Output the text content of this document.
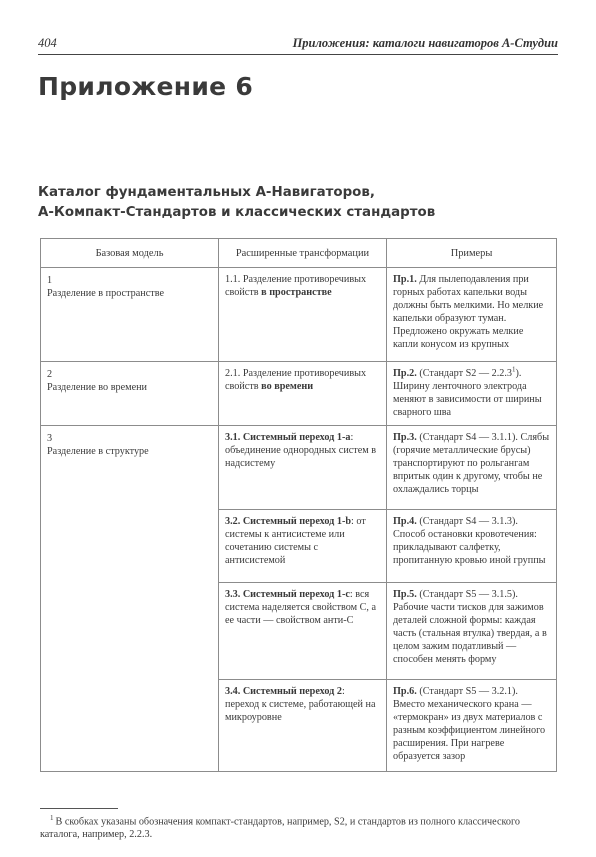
404	Приложения: каталоги навигаторов А-Студии
Приложение 6
Каталог фундаментальных А-Навигаторов,
А-Компакт-Стандартов и классических стандартов
Базовая модель	Расширенные трансформации	Примеры

1
Разделение в пространстве	1.1. Разделение противоречивых свойств в пространстве	Пр.1. Для пылеподавления при горных работах капельки воды должны быть мелкими. Но мелкие капельки образуют туман. Предложено окружать мелкие капли конусом из крупных

2
Разделение во времени	2.1. Разделение противоречивых свойств во времени	Пр.2. (Стандарт S2 — 2.2.3$^1$). Ширину ленточного электрода меняют в зависимости от ширины сварного шва

3
Разделение в структуре	3.1. Системный переход 1-а: объединение однородных систем в надсистему	Пр.3. (Стандарт S4 — 3.1.1). Слябы (горячие металлические брусы) транспортируют по рольгангам впритык один к другому, чтобы не охлаждались торцы
	3.2. Системный переход 1-b: от системы к антисистеме или сочетанию системы с антисистемой	Пр.4. (Стандарт S4 — 3.1.3). Способ остановки кровотечения: прикладывают салфетку, пропитанную кровью иной группы
	3.3. Системный переход 1-с: вся система наделяется свойством С, а ее части — свойством анти-С	Пр.5. (Стандарт S5 — 3.1.5). Рабочие части тисков для зажимов деталей сложной формы: каждая часть (стальная втулка) твердая, а в целом зажим податливый — способен менять форму
	3.4. Системный переход 2: переход к системе, работающей на микроуровне	Пр.6. (Стандарт S5 — 3.2.1). Вместо механического крана — «термокран» из двух материалов с разным коэффициентом линейного расширения. При нагреве образуется зазор
$^1$ В скобках указаны обозначения компакт-стандартов, например, S2, и стандартов из полного классического каталога, например, 2.2.3.
